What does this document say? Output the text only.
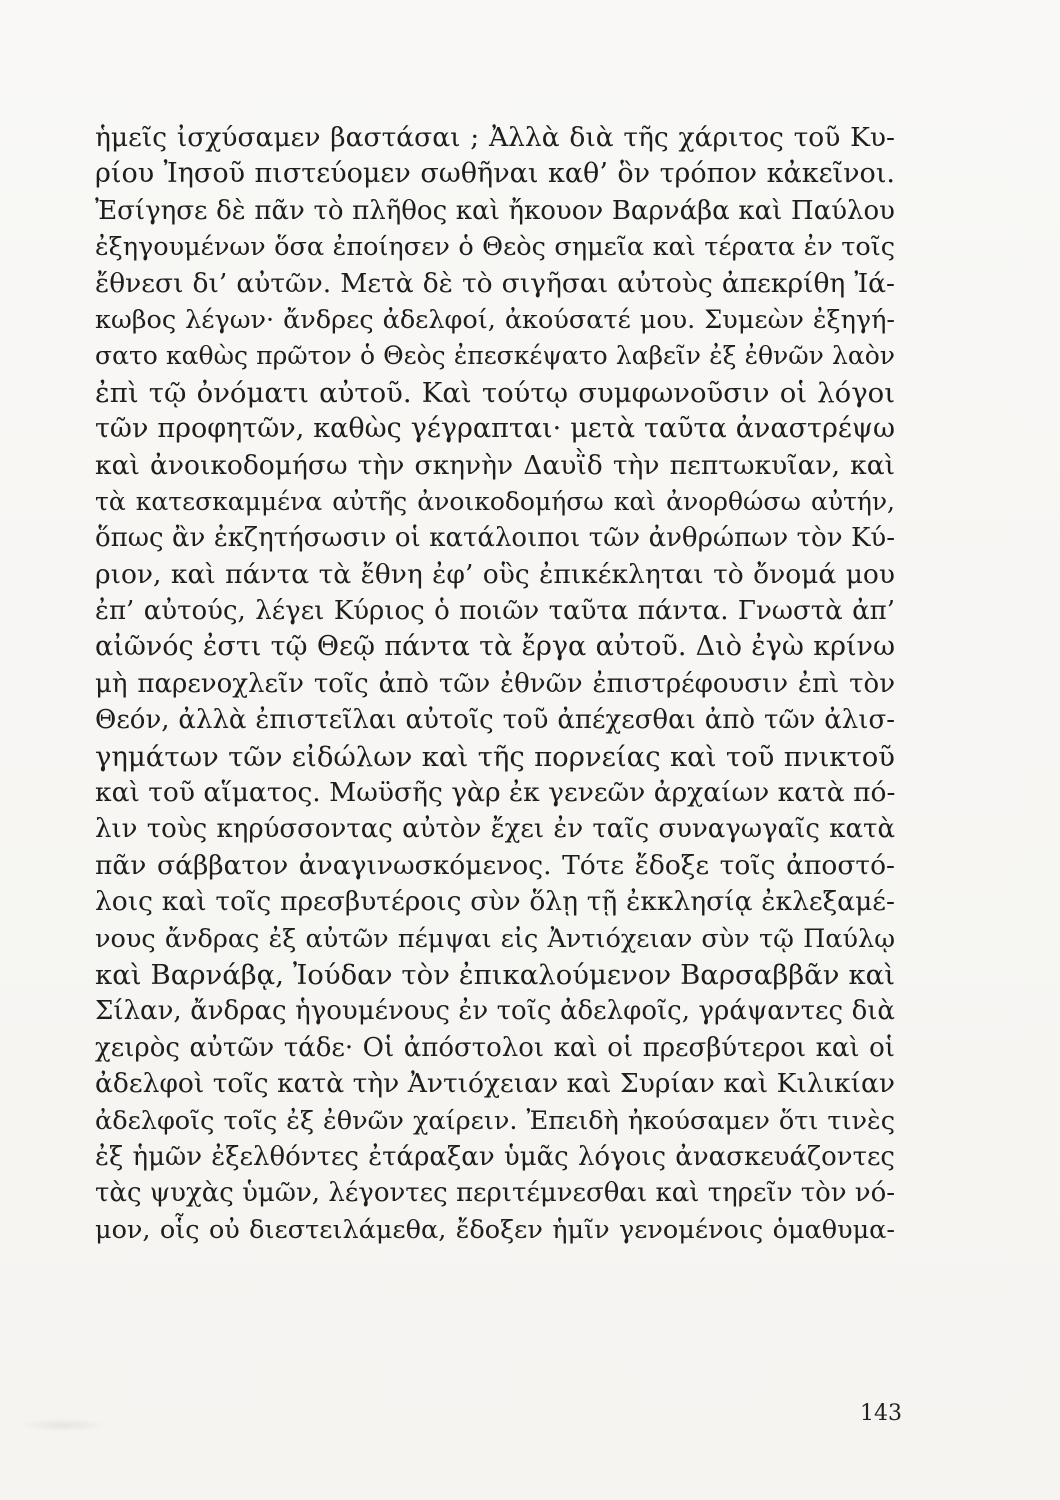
ἡμεῖς ἰσχύσαμεν βαστάσαι ; Ἀλλὰ διὰ τῆς χάριτος τοῦ Κυ-
ρίου Ἰησοῦ πιστεύομεν σωθῆναι καθ’ ὃν τρόπον κἀκεῖνοι.
Ἐσίγησε δὲ πᾶν τὸ πλῆθος καὶ ἤκουον Βαρνάβα καὶ Παύλου
ἐξηγουμένων ὅσα ἐποίησεν ὁ Θεὸς σημεῖα καὶ τέρατα ἐν τοῖς
ἔθνεσι δι’ αὐτῶν. Μετὰ δὲ τὸ σιγῆσαι αὐτοὺς ἀπεκρίθη Ἰά-
κωβος λέγων· ἄνδρες ἀδελφοί, ἀκούσατέ μου. Συμεὼν ἐξηγή-
σατο καθὼς πρῶτον ὁ Θεὸς ἐπεσκέψατο λαβεῖν ἐξ ἐθνῶν λαὸν
ἐπὶ τῷ ὀνόματι αὐτοῦ. Καὶ τούτῳ συμφωνοῦσιν οἱ λόγοι
τῶν προφητῶν, καθὼς γέγραπται· μετὰ ταῦτα ἀναστρέψω
καὶ ἀνοικοδομήσω τὴν σκηνὴν Δαυῒδ τὴν πεπτωκυῖαν, καὶ
τὰ κατεσκαμμένα αὐτῆς ἀνοικοδομήσω καὶ ἀνορθώσω αὐτήν,
ὅπως ἂν ἐκζητήσωσιν οἱ κατάλοιποι τῶν ἀνθρώπων τὸν Κύ-
ριον, καὶ πάντα τὰ ἔθνη ἐφ’ οὓς ἐπικέκληται τὸ ὄνομά μου
ἐπ’ αὐτούς, λέγει Κύριος ὁ ποιῶν ταῦτα πάντα. Γνωστὰ ἀπ’
αἰῶνός ἐστι τῷ Θεῷ πάντα τὰ ἔργα αὐτοῦ. Διὸ ἐγὼ κρίνω
μὴ παρενοχλεῖν τοῖς ἀπὸ τῶν ἐθνῶν ἐπιστρέφουσιν ἐπὶ τὸν
Θεόν, ἀλλὰ ἐπιστεῖλαι αὐτοῖς τοῦ ἀπέχεσθαι ἀπὸ τῶν ἀλισ-
γημάτων τῶν εἰδώλων καὶ τῆς πορνείας καὶ τοῦ πνικτοῦ
καὶ τοῦ αἵματος. Μωϋσῆς γὰρ ἐκ γενεῶν ἀρχαίων κατὰ πό-
λιν τοὺς κηρύσσοντας αὐτὸν ἔχει ἐν ταῖς συναγωγαῖς κατὰ
πᾶν σάββατον ἀναγινωσκόμενος. Τότε ἔδοξε τοῖς ἀποστό-
λοις καὶ τοῖς πρεσβυτέροις σὺν ὅλῃ τῇ ἐκκλησίᾳ ἐκλεξαμέ-
νους ἄνδρας ἐξ αὐτῶν πέμψαι εἰς Ἀντιόχειαν σὺν τῷ Παύλῳ
καὶ Βαρνάβᾳ, Ἰούδαν τὸν ἐπικαλούμενον Βαρσαββᾶν καὶ
Σίλαν, ἄνδρας ἡγουμένους ἐν τοῖς ἀδελφοῖς, γράψαντες διὰ
χειρὸς αὐτῶν τάδε· Οἱ ἀπόστολοι καὶ οἱ πρεσβύτεροι καὶ οἱ
ἀδελφοὶ τοῖς κατὰ τὴν Ἀντιόχειαν καὶ Συρίαν καὶ Κιλικίαν
ἀδελφοῖς τοῖς ἐξ ἐθνῶν χαίρειν. Ἐπειδὴ ἠκούσαμεν ὅτι τινὲς
ἐξ ἡμῶν ἐξελθόντες ἐτάραξαν ὑμᾶς λόγοις ἀνασκευάζοντες
τὰς ψυχὰς ὑμῶν, λέγοντες περιτέμνεσθαι καὶ τηρεῖν τὸν νό-
μον, οἷς οὐ διεστειλάμεθα, ἔδοξεν ἡμῖν γενομένοις ὁμαθυμα-
143
